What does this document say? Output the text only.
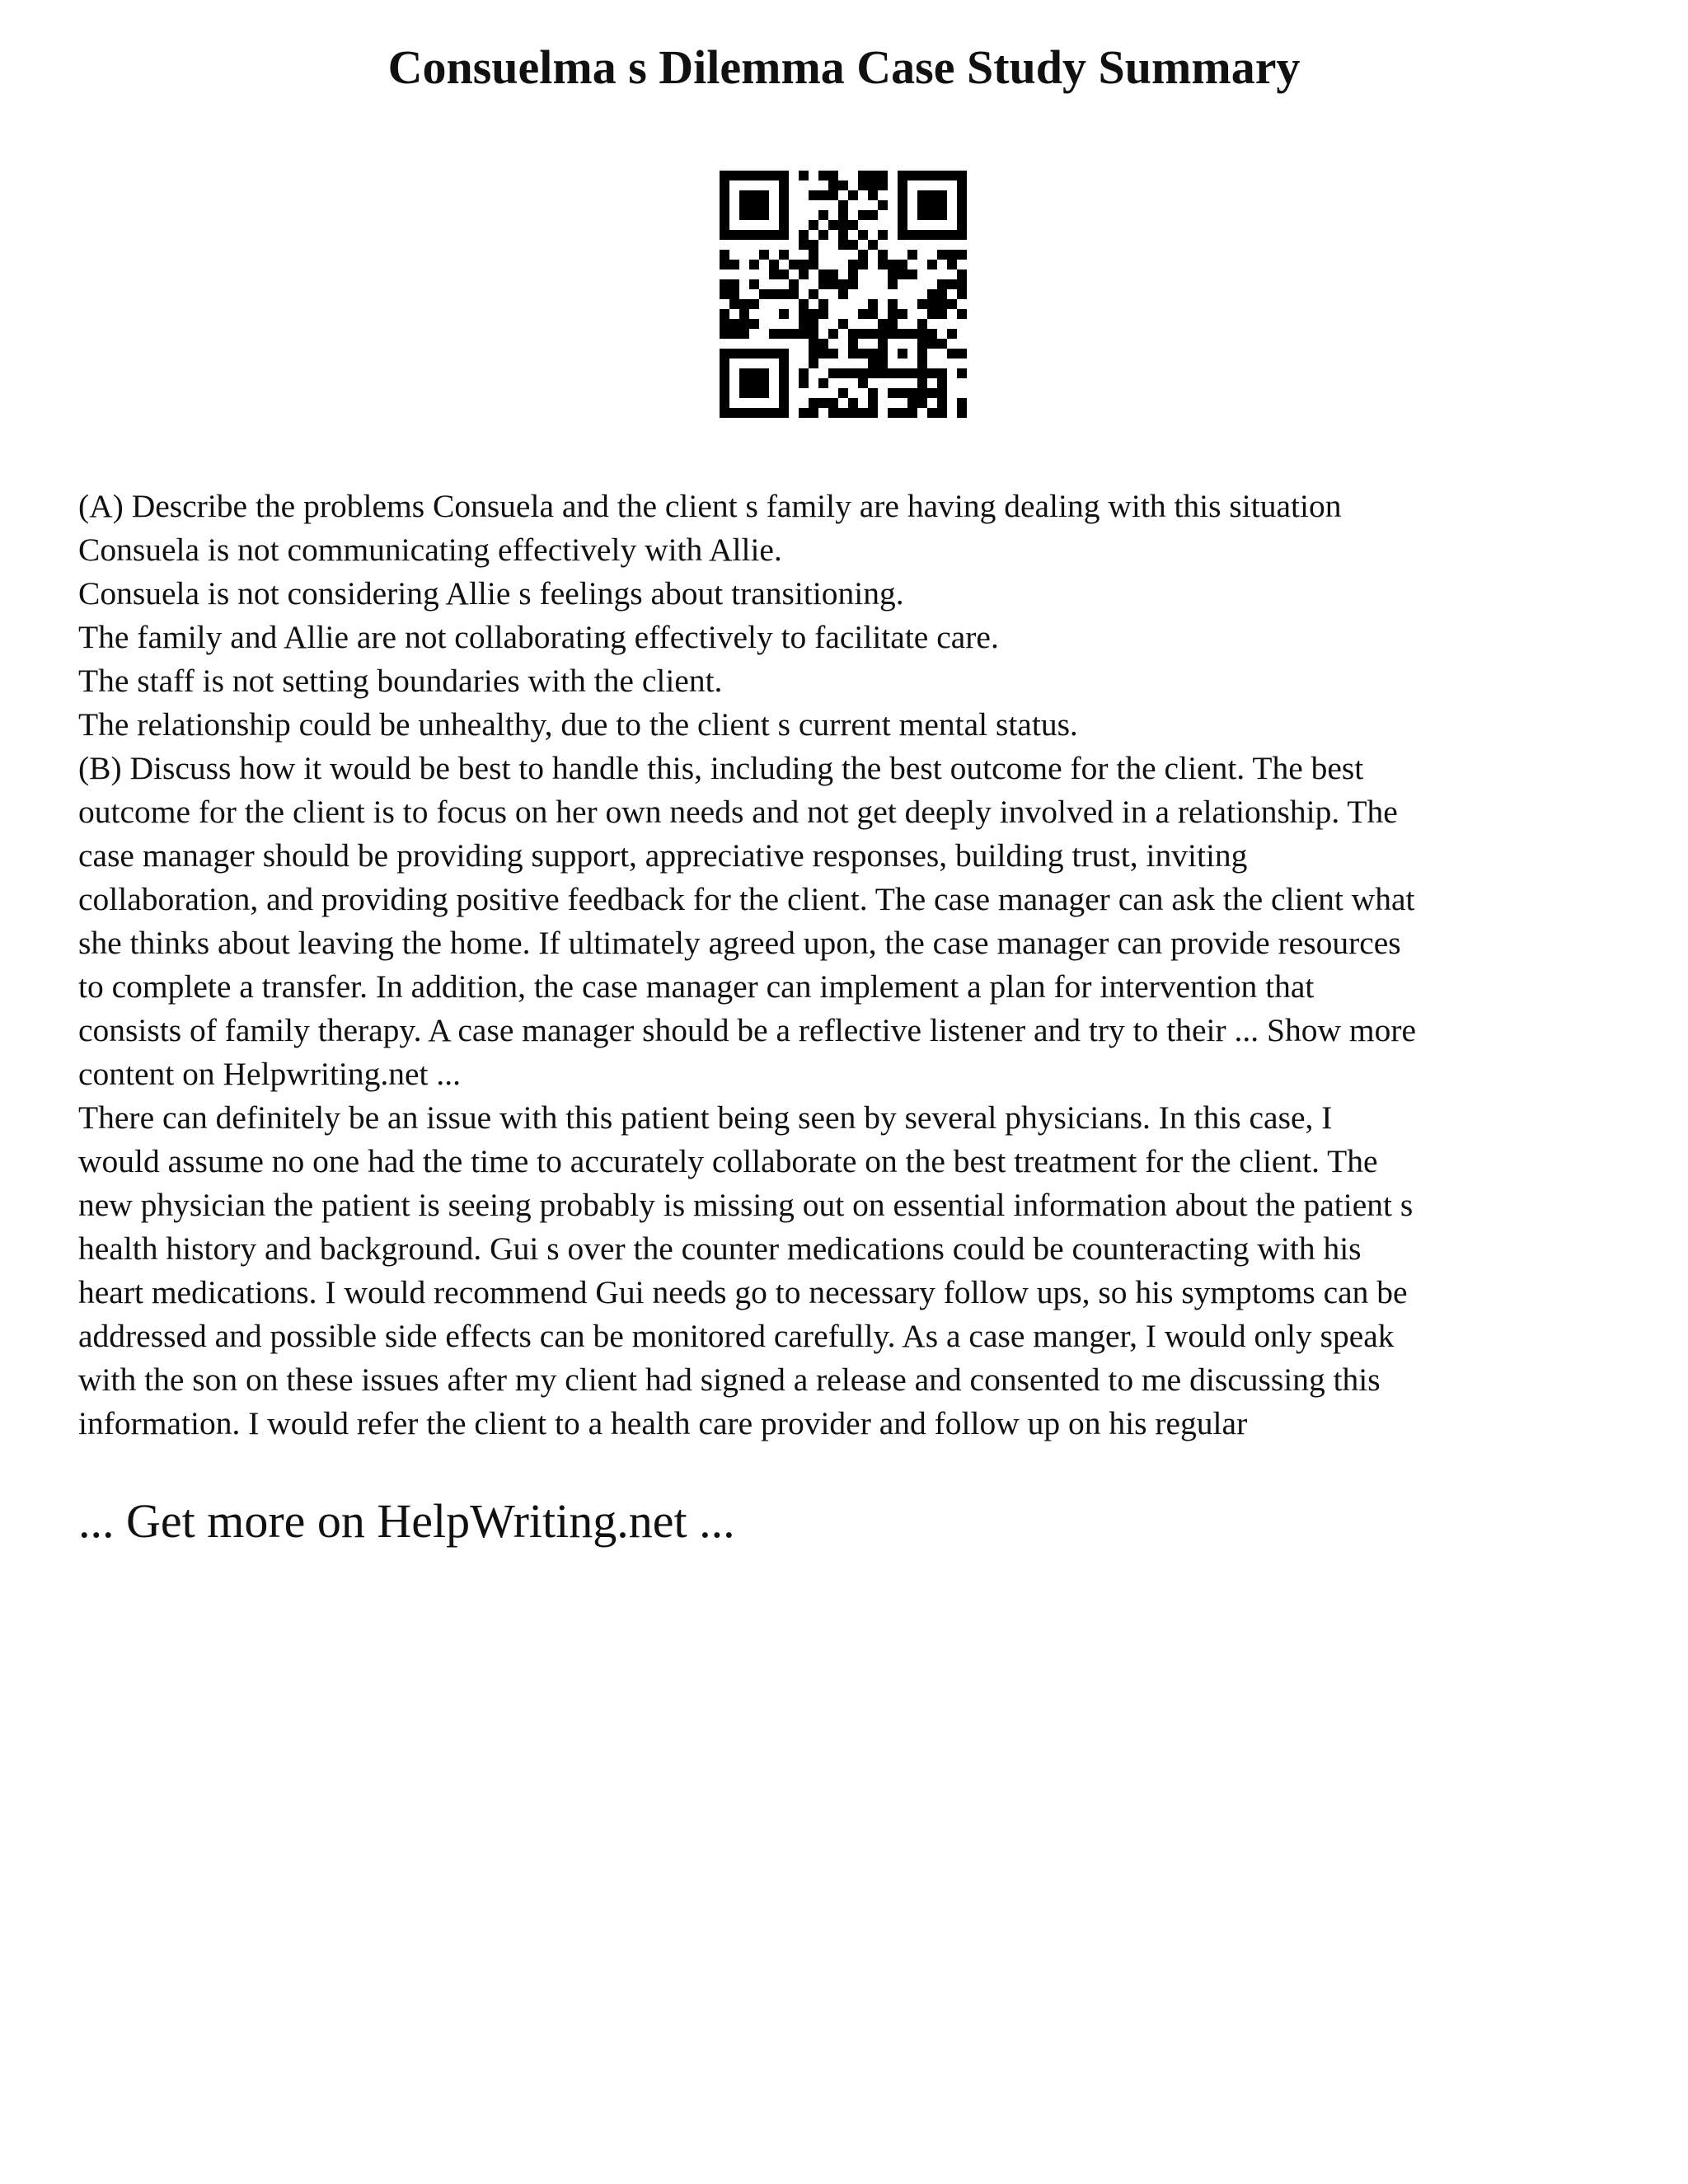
Consuelma s Dilemma Case Study Summary
(A) Describe the problems Consuela and the client s family are having dealing with this situation
Consuela is not communicating effectively with Allie.
Consuela is not considering Allie s feelings about transitioning.
The family and Allie are not collaborating effectively to facilitate care.
The staff is not setting boundaries with the client.
The relationship could be unhealthy, due to the client s current mental status.
(B) Discuss how it would be best to handle this, including the best outcome for the client. The best
outcome for the client is to focus on her own needs and not get deeply involved in a relationship. The
case manager should be providing support, appreciative responses, building trust, inviting
collaboration, and providing positive feedback for the client. The case manager can ask the client what
she thinks about leaving the home. If ultimately agreed upon, the case manager can provide resources
to complete a transfer. In addition, the case manager can implement a plan for intervention that
consists of family therapy. A case manager should be a reflective listener and try to their ... Show more
content on Helpwriting.net ...
There can definitely be an issue with this patient being seen by several physicians. In this case, I
would assume no one had the time to accurately collaborate on the best treatment for the client. The
new physician the patient is seeing probably is missing out on essential information about the patient s
health history and background. Gui s over the counter medications could be counteracting with his
heart medications. I would recommend Gui needs go to necessary follow ups, so his symptoms can be
addressed and possible side effects can be monitored carefully. As a case manger, I would only speak
with the son on these issues after my client had signed a release and consented to me discussing this
information. I would refer the client to a health care provider and follow up on his regular
... Get more on HelpWriting.net ...
